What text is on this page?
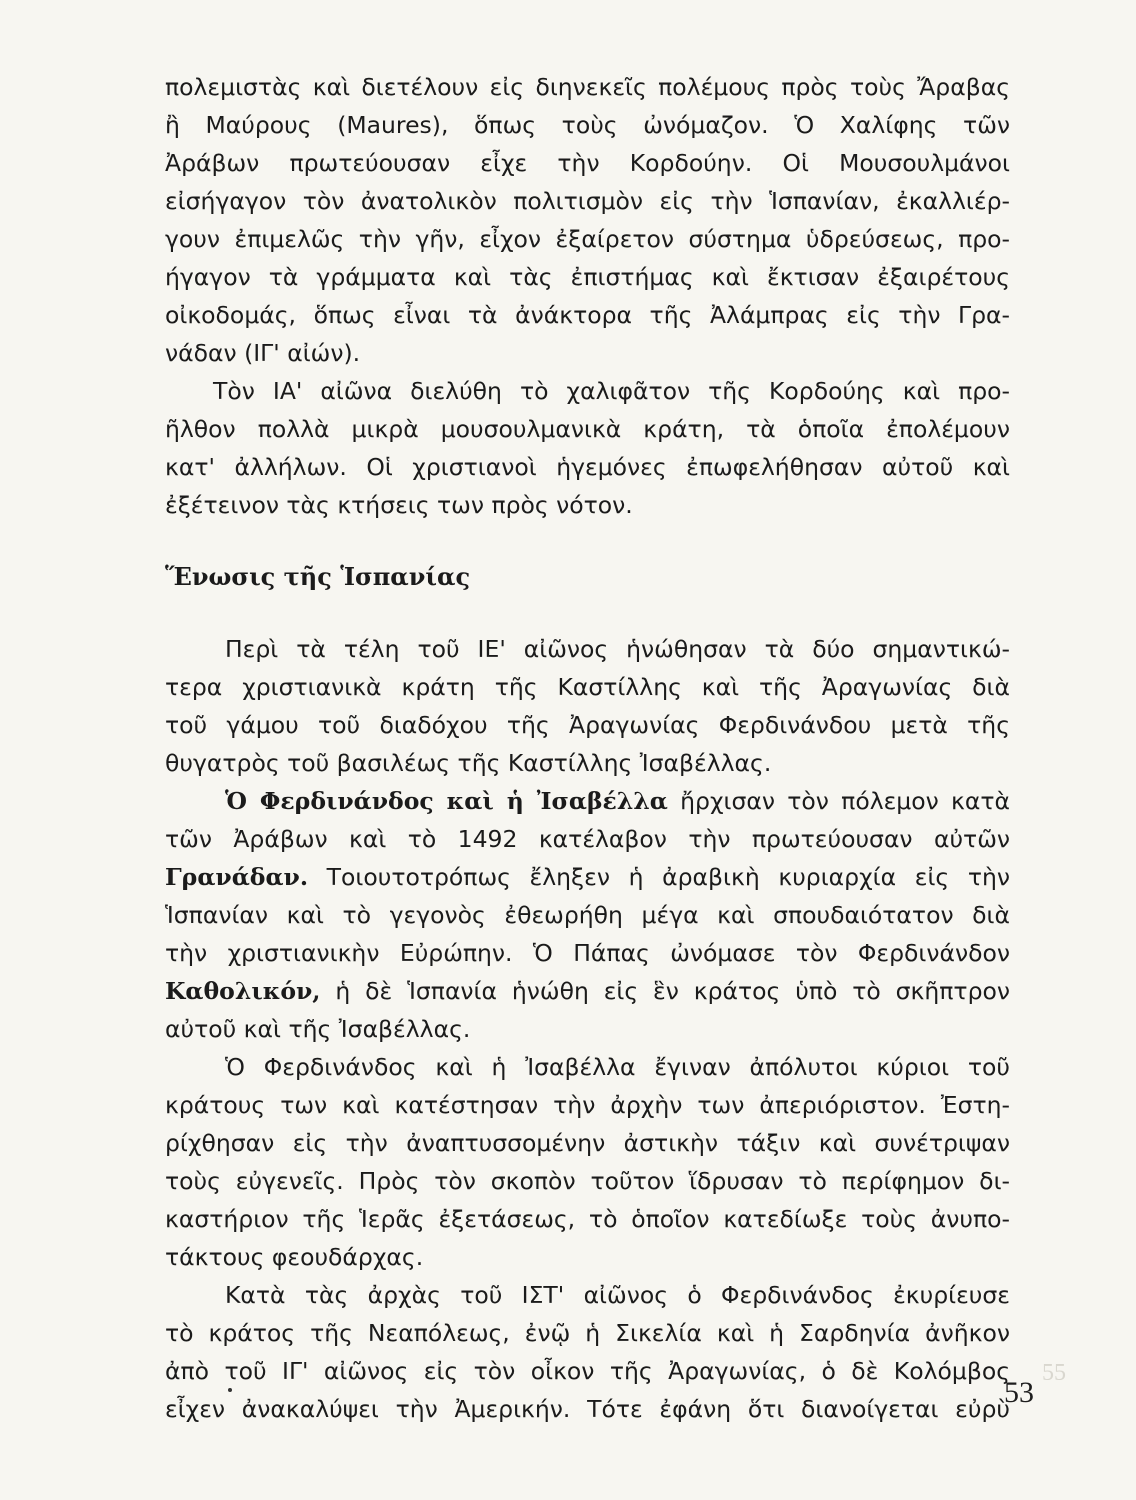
πολεμιστὰς καὶ διετέλουν εἰς διηνεκεῖς πολέμους πρὸς τοὺς Ἄραβας
ἢ Μαύρους (Maures), ὅπως τοὺς ὠνόμαζον. Ὁ Χαλίφης τῶν
Ἀράβων πρωτεύουσαν εἶχε τὴν Κορδούην. Οἱ Μουσουλμάνοι
εἰσήγαγον τὸν ἀνατολικὸν πολιτισμὸν εἰς τὴν Ἱσπανίαν, ἐκαλλιέρ-
γουν ἐπιμελῶς τὴν γῆν, εἶχον ἐξαίρετον σύστημα ὑδρεύσεως, προ-
ήγαγον τὰ γράμματα καὶ τὰς ἐπιστήμας καὶ ἔκτισαν ἐξαιρέτους
οἰκοδομάς, ὅπως εἶναι τὰ ἀνάκτορα τῆς Ἀλάμπρας εἰς τὴν Γρα-
νάδαν (ΙΓ' αἰών).
Τὸν ΙΑ' αἰῶνα διελύθη τὸ χαλιφᾶτον τῆς Κορδούης καὶ προ-
ῆλθον πολλὰ μικρὰ μουσουλμανικὰ κράτη, τὰ ὁποῖα ἐπολέμουν
κατ' ἀλλήλων. Οἱ χριστιανοὶ ἡγεμόνες ἐπωφελήθησαν αὐτοῦ καὶ
ἐξέτεινον τὰς κτήσεις των πρὸς νότον.
Ἕνωσις τῆς Ἱσπανίας
Περὶ τὰ τέλη τοῦ ΙΕ' αἰῶνος ἡνώθησαν τὰ δύο σημαντικώ-
τερα χριστιανικὰ κράτη τῆς Καστίλλης καὶ τῆς Ἀραγωνίας διὰ
τοῦ γάμου τοῦ διαδόχου τῆς Ἀραγωνίας Φερδινάνδου μετὰ τῆς
θυγατρὸς τοῦ βασιλέως τῆς Καστίλλης Ἰσαβέλλας.
Ὁ Φερδινάνδος καὶ ἡ Ἰσαβέλλα ἤρχισαν τὸν πόλεμον κατὰ
τῶν Ἀράβων καὶ τὸ 1492 κατέλαβον τὴν πρωτεύουσαν αὐτῶν
Γρανάδαν. Τοιουτοτρόπως ἔληξεν ἡ ἀραβικὴ κυριαρχία εἰς τὴν
Ἱσπανίαν καὶ τὸ γεγονὸς ἐθεωρήθη μέγα καὶ σπουδαιότατον διὰ
τὴν χριστιανικὴν Εὐρώπην. Ὁ Πάπας ὠνόμασε τὸν Φερδινάνδον
Καθολικόν, ἡ δὲ Ἱσπανία ἡνώθη εἰς ἓν κράτος ὑπὸ τὸ σκῆπτρον
αὐτοῦ καὶ τῆς Ἰσαβέλλας.
Ὁ Φερδινάνδος καὶ ἡ Ἰσαβέλλα ἔγιναν ἀπόλυτοι κύριοι τοῦ
κράτους των καὶ κατέστησαν τὴν ἀρχὴν των ἀπεριόριστον. Ἐστη-
ρίχθησαν εἰς τὴν ἀναπτυσσομένην ἀστικὴν τάξιν καὶ συνέτριψαν
τοὺς εὐγενεῖς. Πρὸς τὸν σκοπὸν τοῦτον ἵδρυσαν τὸ περίφημον δι-
καστήριον τῆς Ἱερᾶς ἐξετάσεως, τὸ ὁποῖον κατεδίωξε τοὺς ἀνυπο-
τάκτους φεουδάρχας.
Κατὰ τὰς ἀρχὰς τοῦ ΙΣΤ' αἰῶνος ὁ Φερδινάνδος ἐκυρίευσε
τὸ κράτος τῆς Νεαπόλεως, ἐνῷ ἡ Σικελία καὶ ἡ Σαρδηνία ἀνῆκον
ἀπὸ τοῦ ΙΓ' αἰῶνος εἰς τὸν οἶκον τῆς Ἀραγωνίας, ὁ δὲ Κολόμβος
εἶχεν ἀνακαλύψει τὴν Ἀμερικήν. Τότε ἐφάνη ὅτι διανοίγεται εὐρὺ
55
53
